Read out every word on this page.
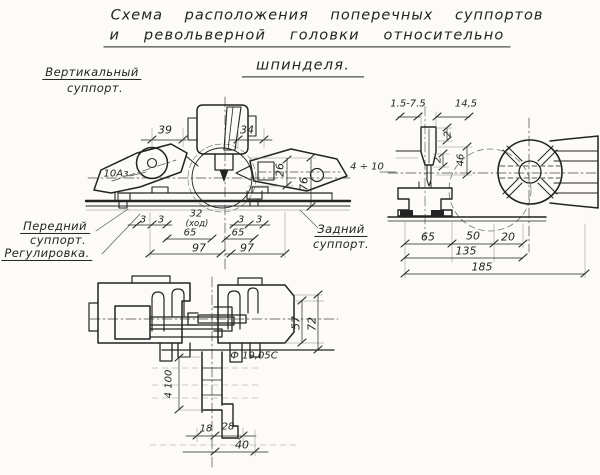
Схема расположения поперечных суппортов
и револьверной головки относительно
шпинделя.
Вертикальный
суппорт.
Передний
суппорт.
Регулировка.
Задний
суппорт.
39	34
10Аз	26
76
3 3
32
(ход)
65
3 3
65
97	97
1.5-7.5	14,5
2
2 46
4 ÷ 10
65	50 20
135
185
57 72
Ф 19,05С
4 100
18 28
40
